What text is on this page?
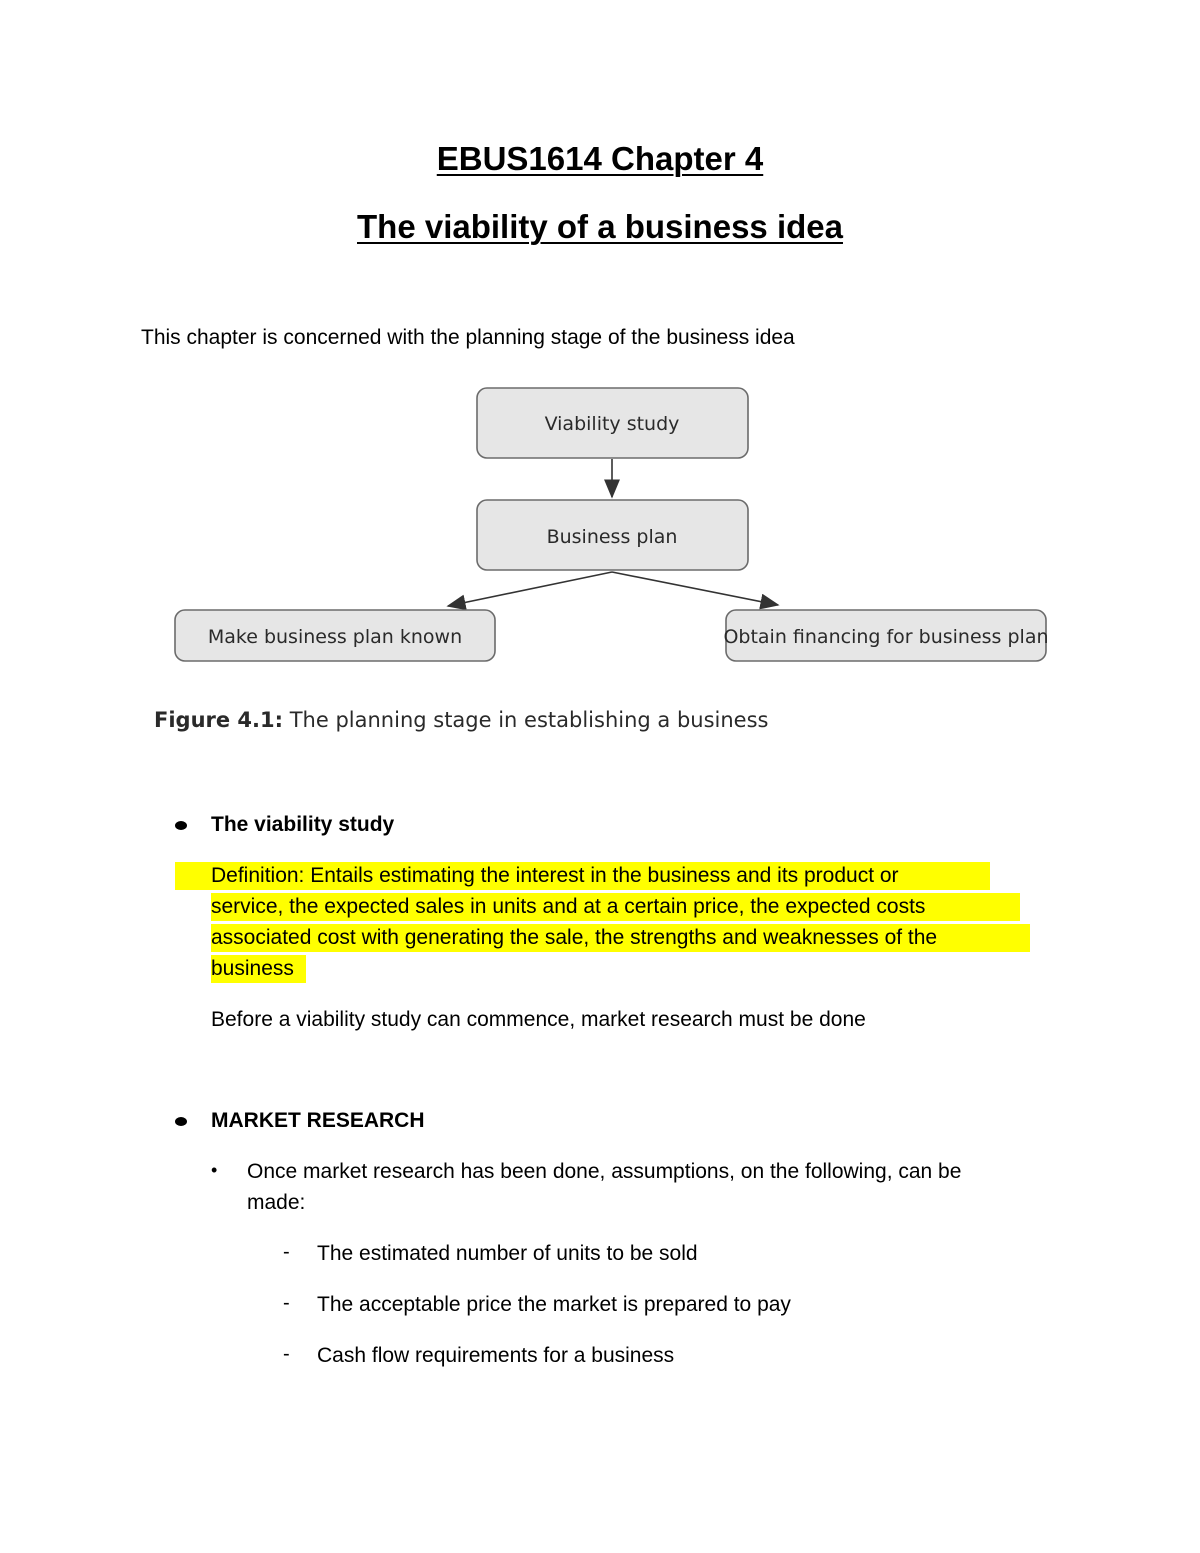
EBUS1614 Chapter 4
The viability of a business idea
This chapter is concerned with the planning stage of the business idea
Viability study
Business plan
Make business plan known	Obtain financing for business plan
Figure 4.1: The planning stage in establishing a business
The viability study
Definition: Entails estimating the interest in the business and its product or
service, the expected sales in units and at a certain price, the expected costs
associated cost with generating the sale, the strengths and weaknesses of the
business
Before a viability study can commence, market research must be done
MARKET RESEARCH
• Once market research has been done, assumptions, on the following, can be
made:
- The estimated number of units to be sold
- The acceptable price the market is prepared to pay
- Cash flow requirements for a business
